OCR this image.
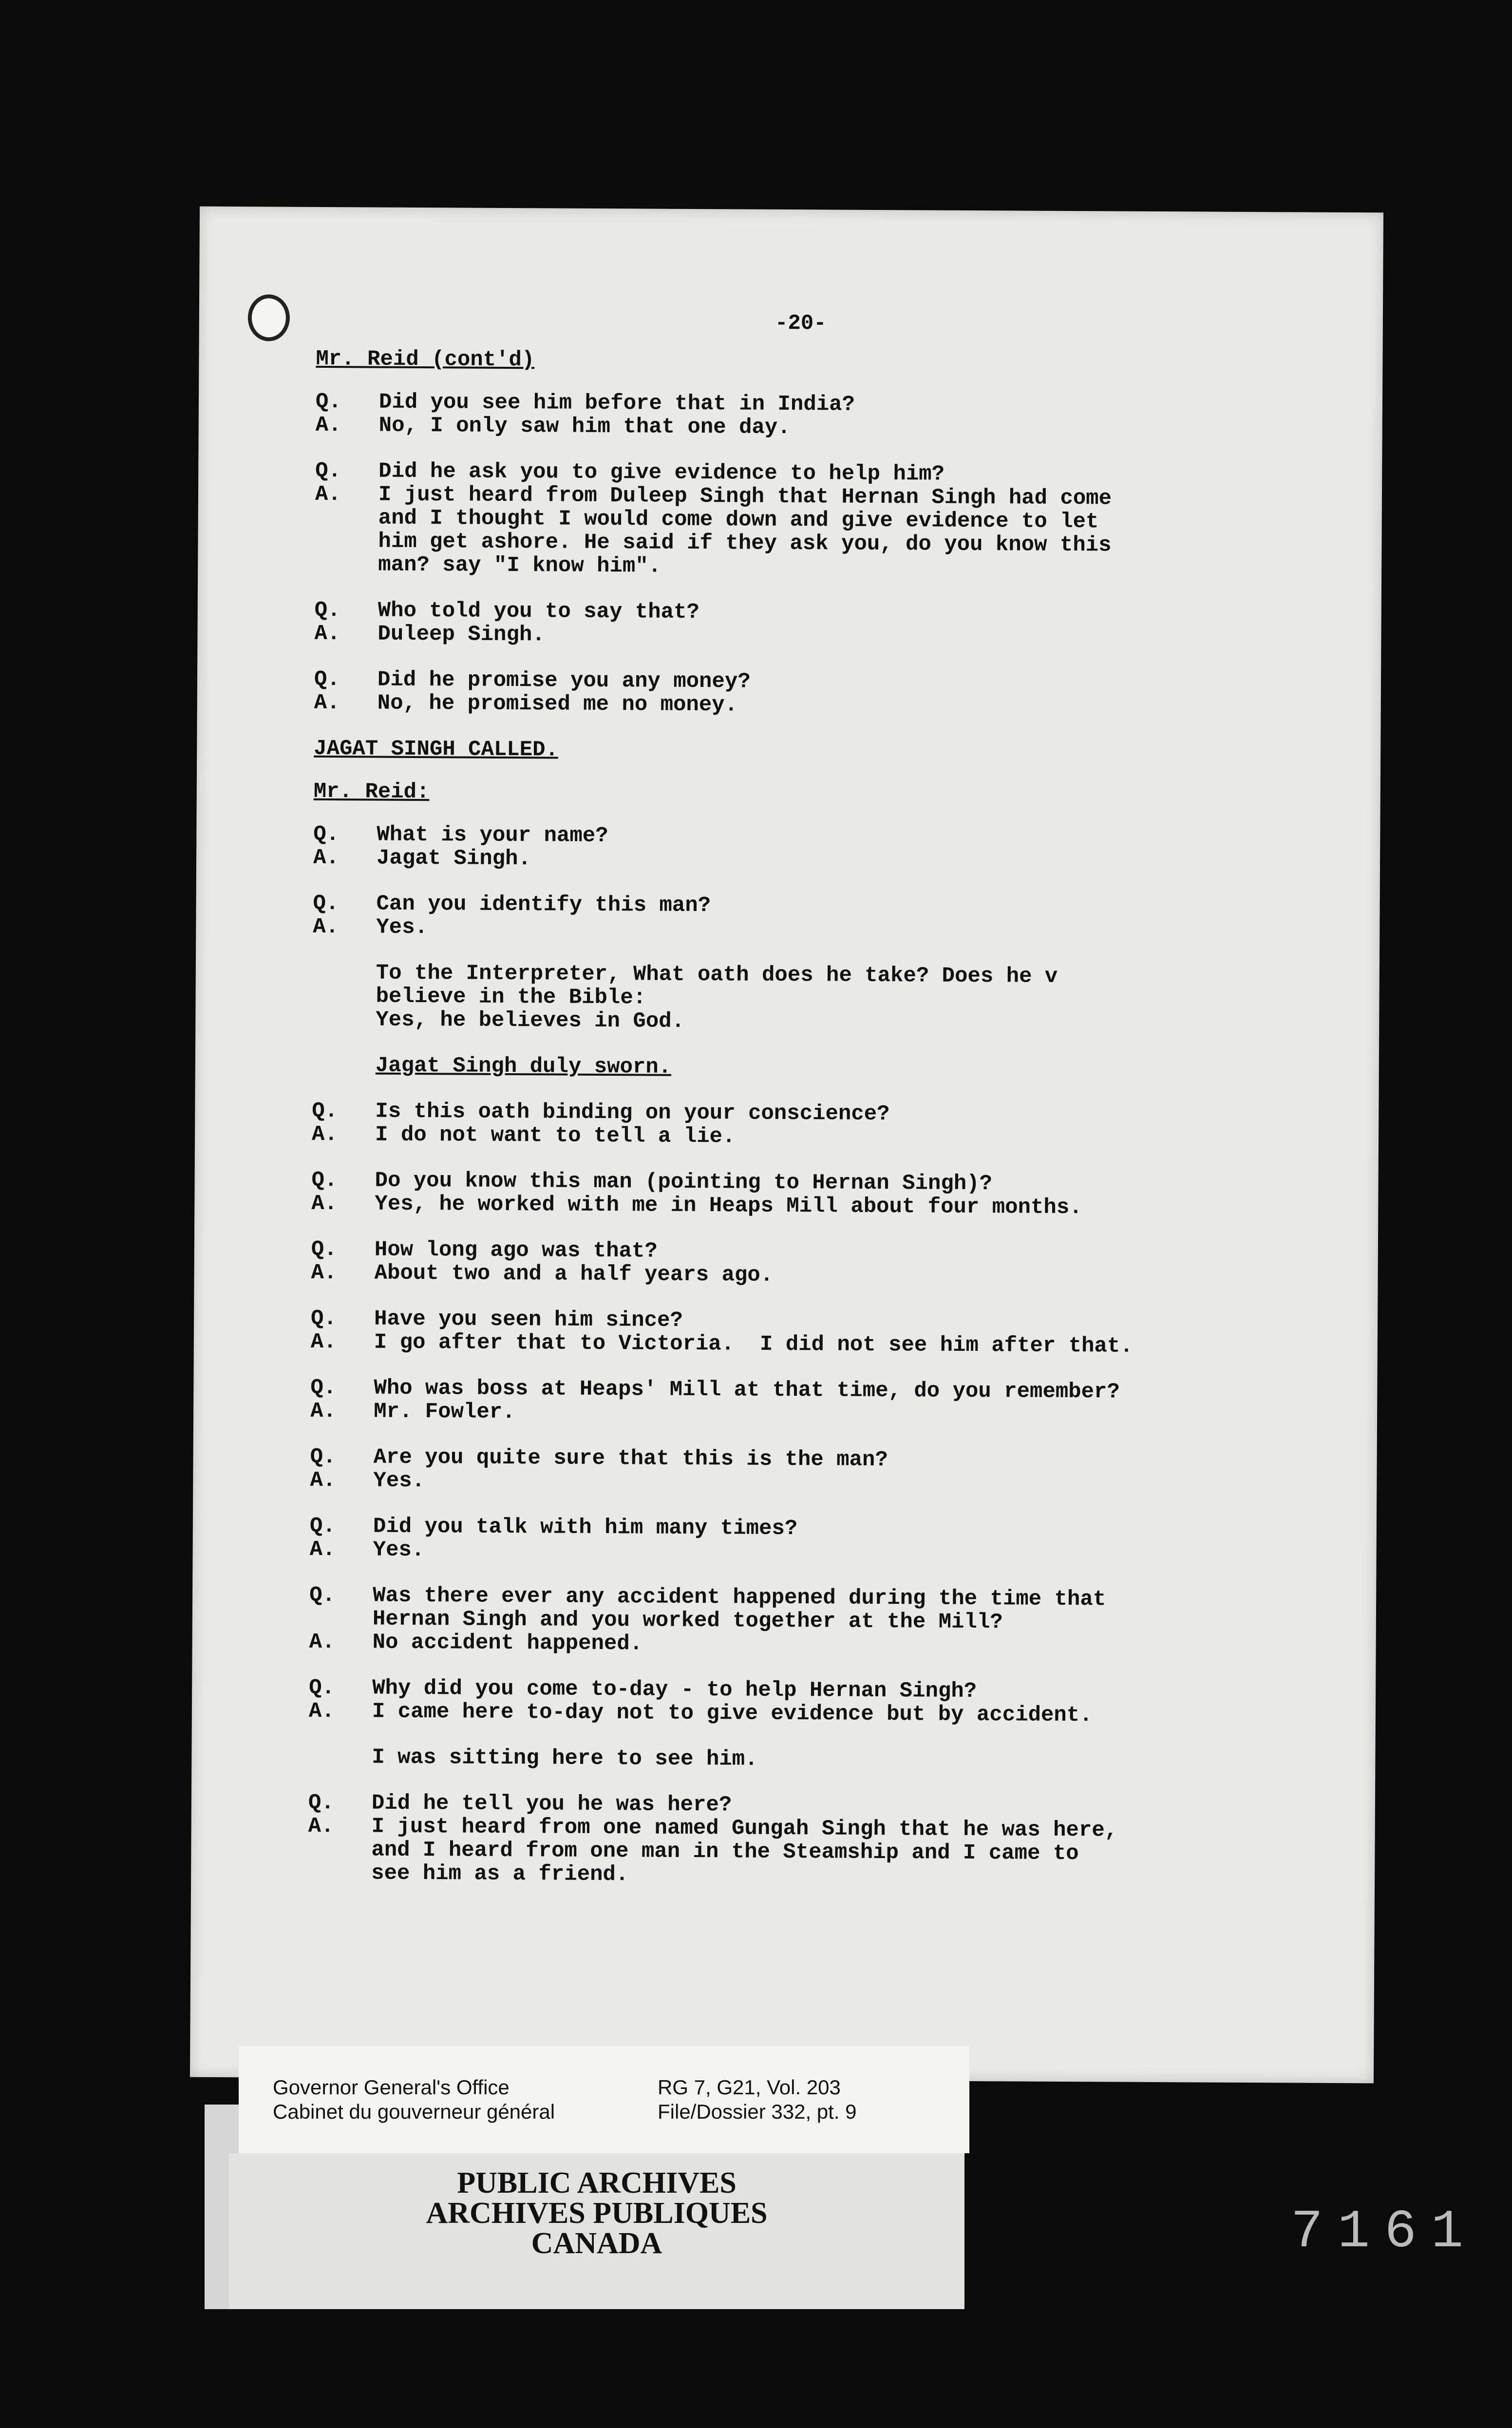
-20-
Mr. Reid (cont'd)
Q.	Did you see him before that in India?
A.	No, I only saw him that one day.
Q.	Did he ask you to give evidence to help him?
A.	I just heard from Duleep Singh that Hernan Singh had come
and I thought I would come down and give evidence to let
him get ashore. He said if they ask you, do you know this
man? say "I know him".
Q.	Who told you to say that?
A.	Duleep Singh.
Q.	Did he promise you any money?
A.	No, he promised me no money.
JAGAT SINGH CALLED.
Mr. Reid:
Q.	What is your name?
A.	Jagat Singh.
Q.	Can you identify this man?
A.	Yes.
To the Interpreter, What oath does he take? Does he v
believe in the Bible:
Yes, he believes in God.
Jagat Singh duly sworn.
Q.	Is this oath binding on your conscience?
A.	I do not want to tell a lie.
Q.	Do you know this man (pointing to Hernan Singh)?
A.	Yes, he worked with me in Heaps Mill about four months.
Q.	How long ago was that?
A.	About two and a half years ago.
Q.	Have you seen him since?
A.	I go after that to Victoria.  I did not see him after that.
Q.	Who was boss at Heaps' Mill at that time, do you remember?
A.	Mr. Fowler.
Q.	Are you quite sure that this is the man?
A.	Yes.
Q.	Did you talk with him many times?
A.	Yes.
Q.	Was there ever any accident happened during the time that
Hernan Singh and you worked together at the Mill?
A.	No accident happened.
Q.	Why did you come to-day - to help Hernan Singh?
A.	I came here to-day not to give evidence but by accident.
I was sitting here to see him.
Q.	Did he tell you he was here?
A.	I just heard from one named Gungah Singh that he was here,
and I heard from one man in the Steamship and I came to
see him as a friend.
Governor General's Office
Cabinet du gouverneur général
RG 7, G21, Vol. 203
File/Dossier 332, pt. 9
PUBLIC ARCHIVES
ARCHIVES PUBLIQUES
CANADA	7161
